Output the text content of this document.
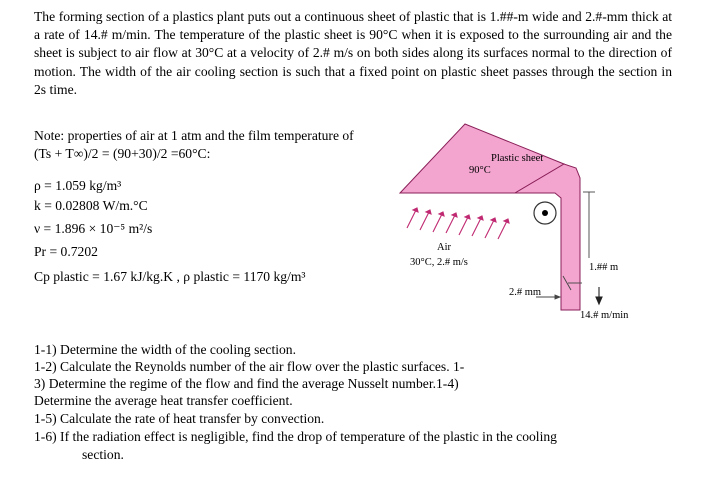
The forming section of a plastics plant puts out a continuous sheet of plastic that is 1.##-m wide and 2.#-mm thick at a rate of 14.# m/min. The temperature of the plastic sheet is 90°C when it is exposed to the surrounding air and the sheet is subject to air flow at 30°C at a velocity of 2.# m/s on both sides along its surfaces normal to the direction of motion. The width of the air cooling section is such that a fixed point on plastic sheet passes through the section in 2s time.
Note: properties of air at 1 atm and the film temperature of
(Ts + T∞)/2 = (90+30)/2 =60°C:
ρ = 1.059 kg/m³
k = 0.02808 W/m.°C
ν = 1.896 × 10⁻⁵ m²/s
Pr = 0.7202
Cp plastic = 1.67 kJ/kg.K , ρ plastic = 1170 kg/m³
Plastic sheet
90°C
Air
30°C, 2.# m/s	1.## m
2.# mm
14.# m/min
1-1) Determine the width of the cooling section.
1-2) Calculate the Reynolds number of the air flow over the plastic surfaces. 1-
3) Determine the regime of the flow and find the average Nusselt number.1-4)
Determine the average heat transfer coefficient.
1-5) Calculate the rate of heat transfer by convection.
1-6) If the radiation effect is negligible, find the drop of temperature of the plastic in the cooling
section.
